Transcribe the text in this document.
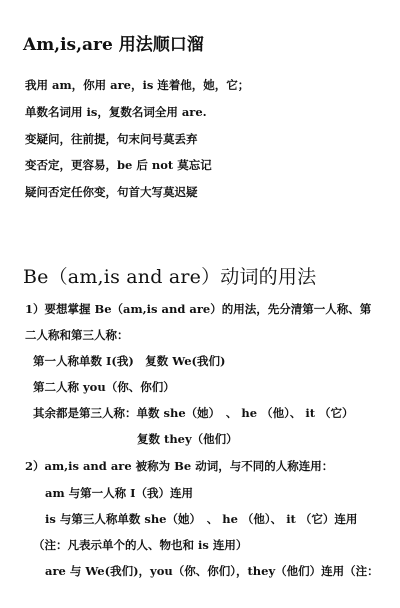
Am,is,are 用法顺口溜
我用 am，你用 are，is 连着他，她，它；
单数名词用 is，复数名词全用 are.
变疑问，往前提，句末问号莫丢弃
变否定，更容易，be 后 not 莫忘记
疑问否定任你变，句首大写莫迟疑
Be（am,is and are）动词的用法
1）要想掌握 Be（am,is and are）的用法，先分清第一人称、第
二人称和第三人称：
第一人称单数 I(我)　复数 We(我们)
第二人称 you（你、你们）
其余都是第三人称：单数 she（她）　、 he （他）、 it （它）
复数 they（他们）
2）am,is and are 被称为 Be 动词，与不同的人称连用：
am 与第一人称 I（我）连用
is 与第三人称单数 she（她）　、 he （他）、 it （它）连用
（注：凡表示单个的人、物也和 is 连用）
are 与 We(我们)，you（你、你们），they（他们）连用（注：
